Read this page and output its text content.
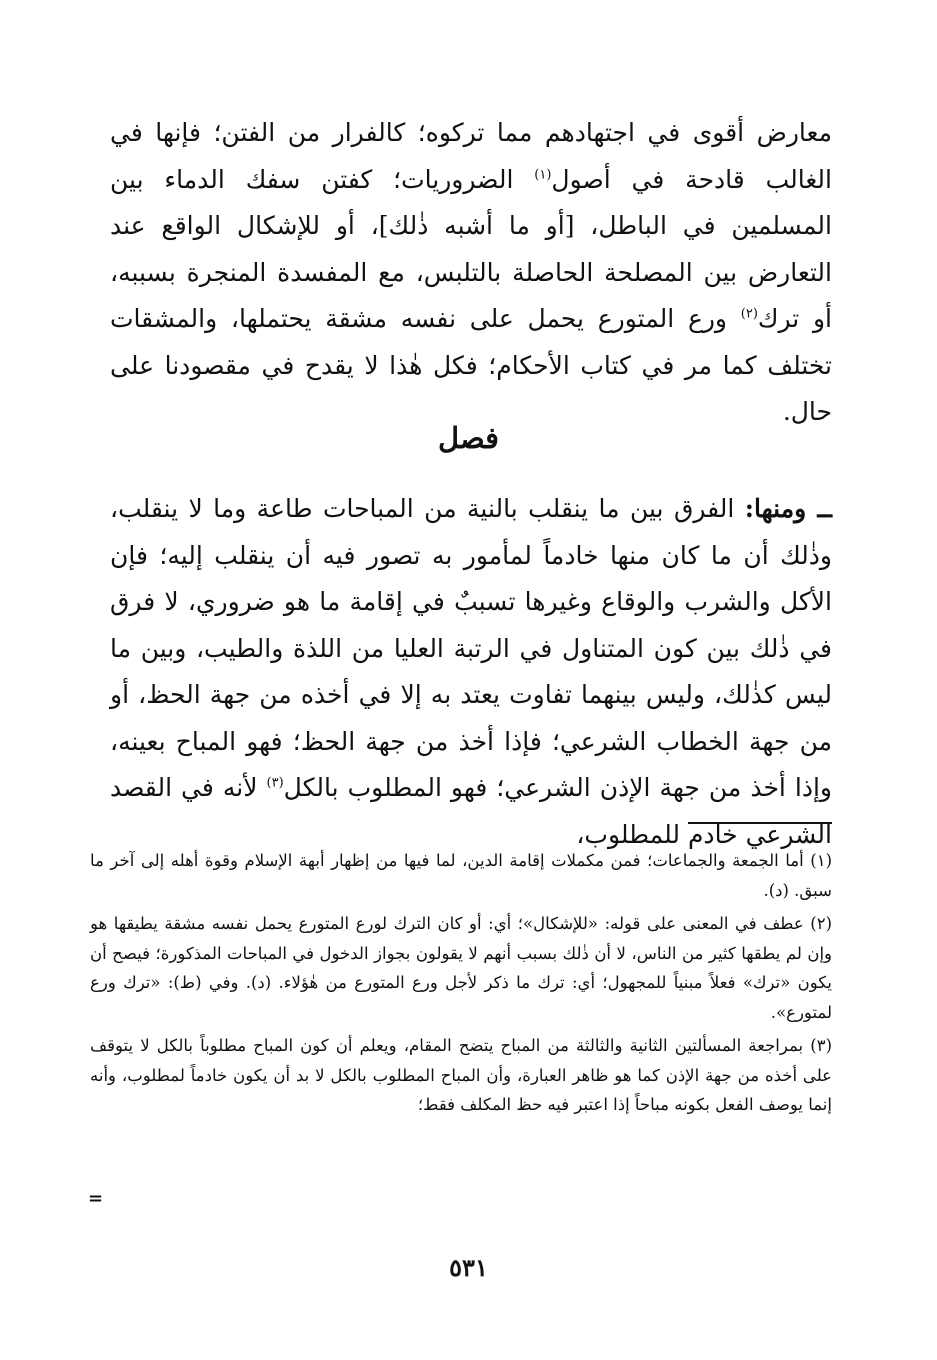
معارض أقوى في اجتهادهم مما تركوه؛ كالفرار من الفتن؛ فإنها في الغالب قادحة في أصول$^{(١)}$ الضروريات؛ كفتن سفك الدماء بين المسلمين في الباطل، [أو ما أشبه ذٰلك]، أو للإشكال الواقع عند التعارض بين المصلحة الحاصلة بالتلبس، مع المفسدة المنجرة بسببه، أو ترك$^{(٢)}$ ورع المتورع يحمل على نفسه مشقة يحتملها، والمشقات تختلف كما مر في كتاب الأحكام؛ فكل هٰذا لا يقدح في مقصودنا على حال.

فصل

ــ ومنها: الفرق بين ما ينقلب بالنية من المباحات طاعة وما لا ينقلب، وذٰلك أن ما كان منها خادماً لمأمور به تصور فيه أن ينقلب إليه؛ فإن الأكل والشرب والوقاع وغيرها تسببٌ في إقامة ما هو ضروري، لا فرق في ذٰلك بين كون المتناول في الرتبة العليا من اللذة والطيب، وبين ما ليس كذٰلك، وليس بينهما تفاوت يعتد به إلا في أخذه من جهة الحظ، أو من جهة الخطاب الشرعي؛ فإذا أخذ من جهة الحظ؛ فهو المباح بعينه، وإذا أخذ من جهة الإذن الشرعي؛ فهو المطلوب بالكل$^{(٣)}$ لأنه في القصد الشرعي خادم للمطلوب،

(١) أما الجمعة والجماعات؛ فمن مكملات إقامة الدين، لما فيها من إظهار أبهة الإسلام وقوة أهله إلى آخر ما سبق. (د).

(٢) عطف في المعنى على قوله: «للإشكال»؛ أي: أو كان الترك لورع المتورع يحمل نفسه مشقة يطيقها هو وإن لم يطقها كثير من الناس، لا أن ذٰلك بسبب أنهم لا يقولون بجواز الدخول في المباحات المذكورة؛ فيصح أن يكون «ترك» فعلاً مبنياً للمجهول؛ أي: ترك ما ذكر لأجل ورع المتورع من هٰؤلاء. (د). وفي (ط): «ترك ورع لمتورع».

(٣) بمراجعة المسألتين الثانية والثالثة من المباح يتضح المقام، ويعلم أن كون المباح مطلوباً بالكل لا يتوقف على أخذه من جهة الإذن كما هو ظاهر العبارة، وأن المباح المطلوب بالكل لا بد أن يكون خادماً لمطلوب، وأنه إنما يوصف الفعل بكونه مباحاً إذا اعتبر فيه حظ المكلف فقط؛

=
٥٣١
